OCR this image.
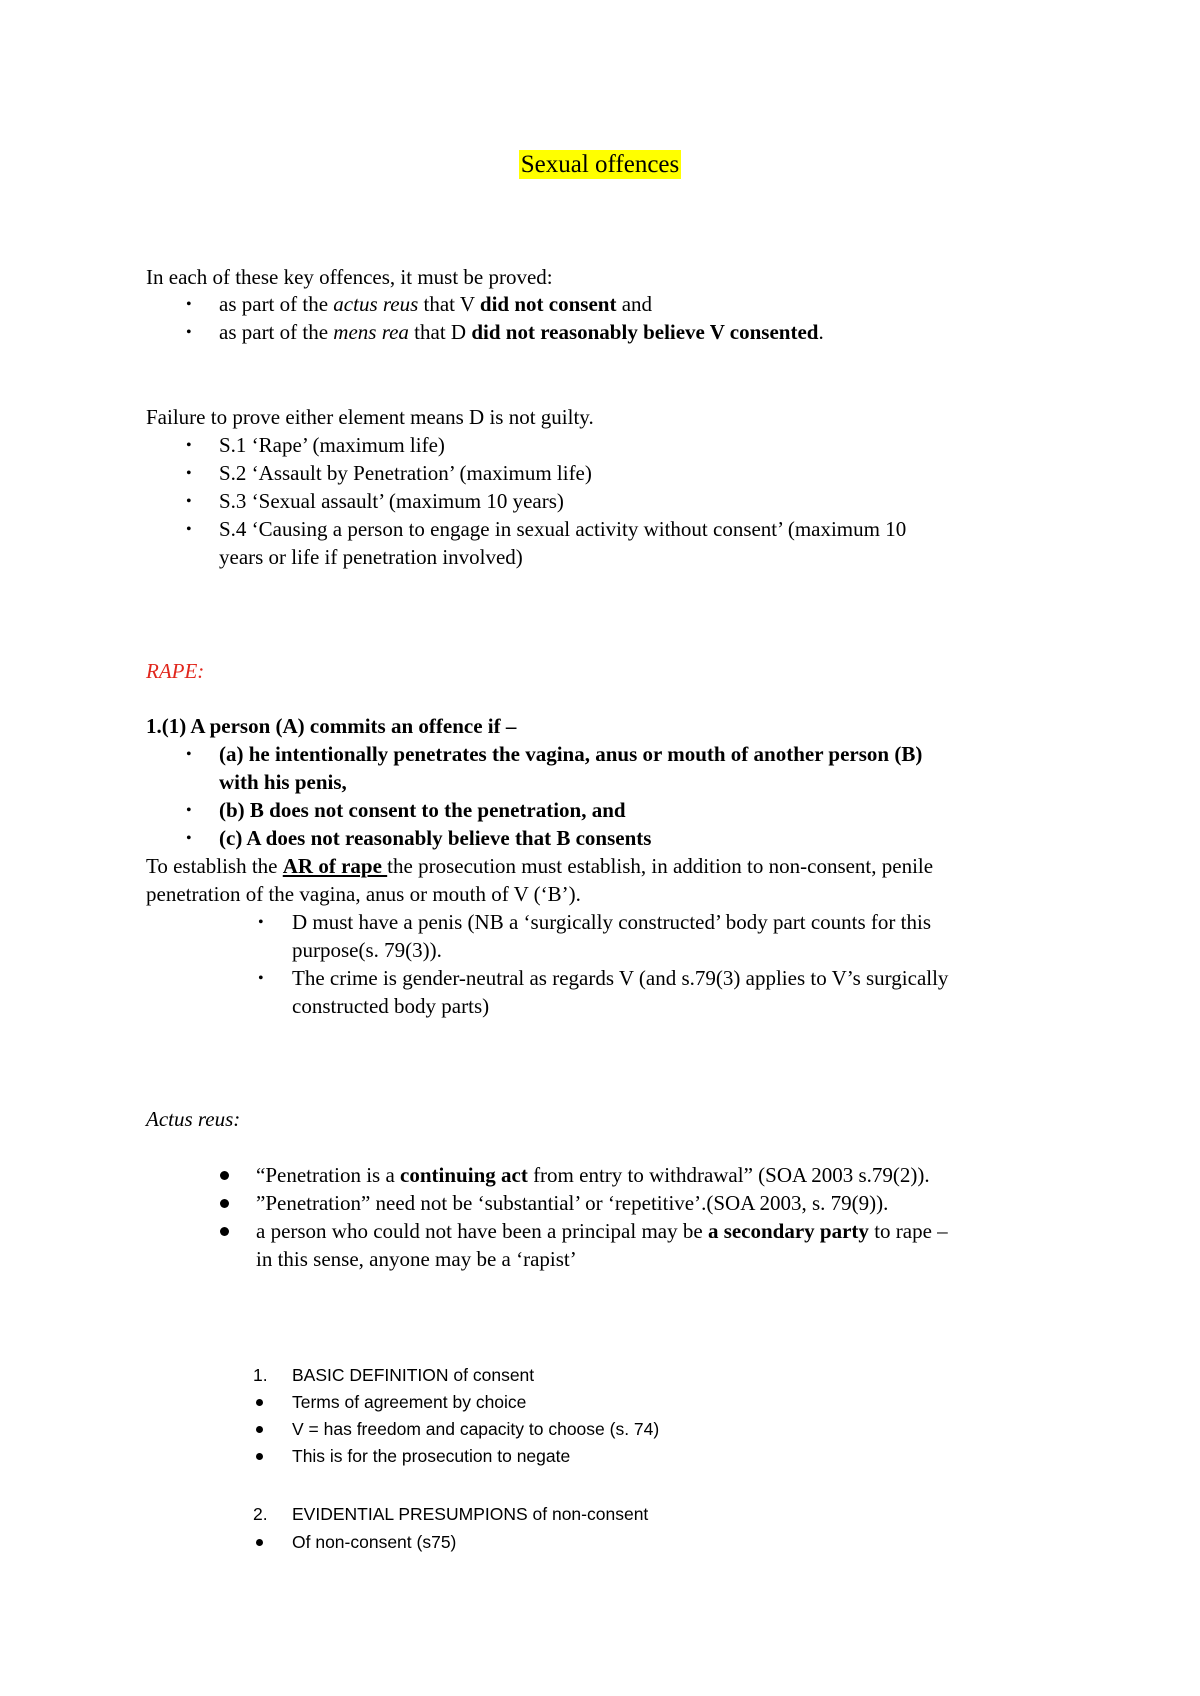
Sexual offences
In each of these key offences, it must be proved:
• as part of the actus reus that V did not consent and
• as part of the mens rea that D did not reasonably believe V consented.
Failure to prove either element means D is not guilty.
• S.1 ‘Rape’ (maximum life)
• S.2 ‘Assault by Penetration’ (maximum life)
• S.3 ‘Sexual assault’ (maximum 10 years)
• S.4 ‘Causing a person to engage in sexual activity without consent’ (maximum 10
years or life if penetration involved)
RAPE:
1.(1) A person (A) commits an offence if –
• (a) he intentionally penetrates the vagina, anus or mouth of another person (B)
with his penis,
• (b) B does not consent to the penetration, and
• (c) A does not reasonably believe that B consents
To establish the AR of rape the prosecution must establish, in addition to non-consent, penile
penetration of the vagina, anus or mouth of V (‘B’).
• D must have a penis (NB a ‘surgically constructed’ body part counts for this
purpose(s. 79(3)).
• The crime is gender-neutral as regards V (and s.79(3) applies to V’s surgically
constructed body parts)
Actus reus:
“Penetration is a continuing act from entry to withdrawal” (SOA 2003 s.79(2)).
”Penetration” need not be ‘substantial’ or ‘repetitive’.(SOA 2003, s. 79(9)).
a person who could not have been a principal may be a secondary party to rape –
in this sense, anyone may be a ‘rapist’
1. BASIC DEFINITION of consent
Terms of agreement by choice
V = has freedom and capacity to choose (s. 74)
This is for the prosecution to negate
2. EVIDENTIAL PRESUMPIONS of non-consent
Of non-consent (s75)
